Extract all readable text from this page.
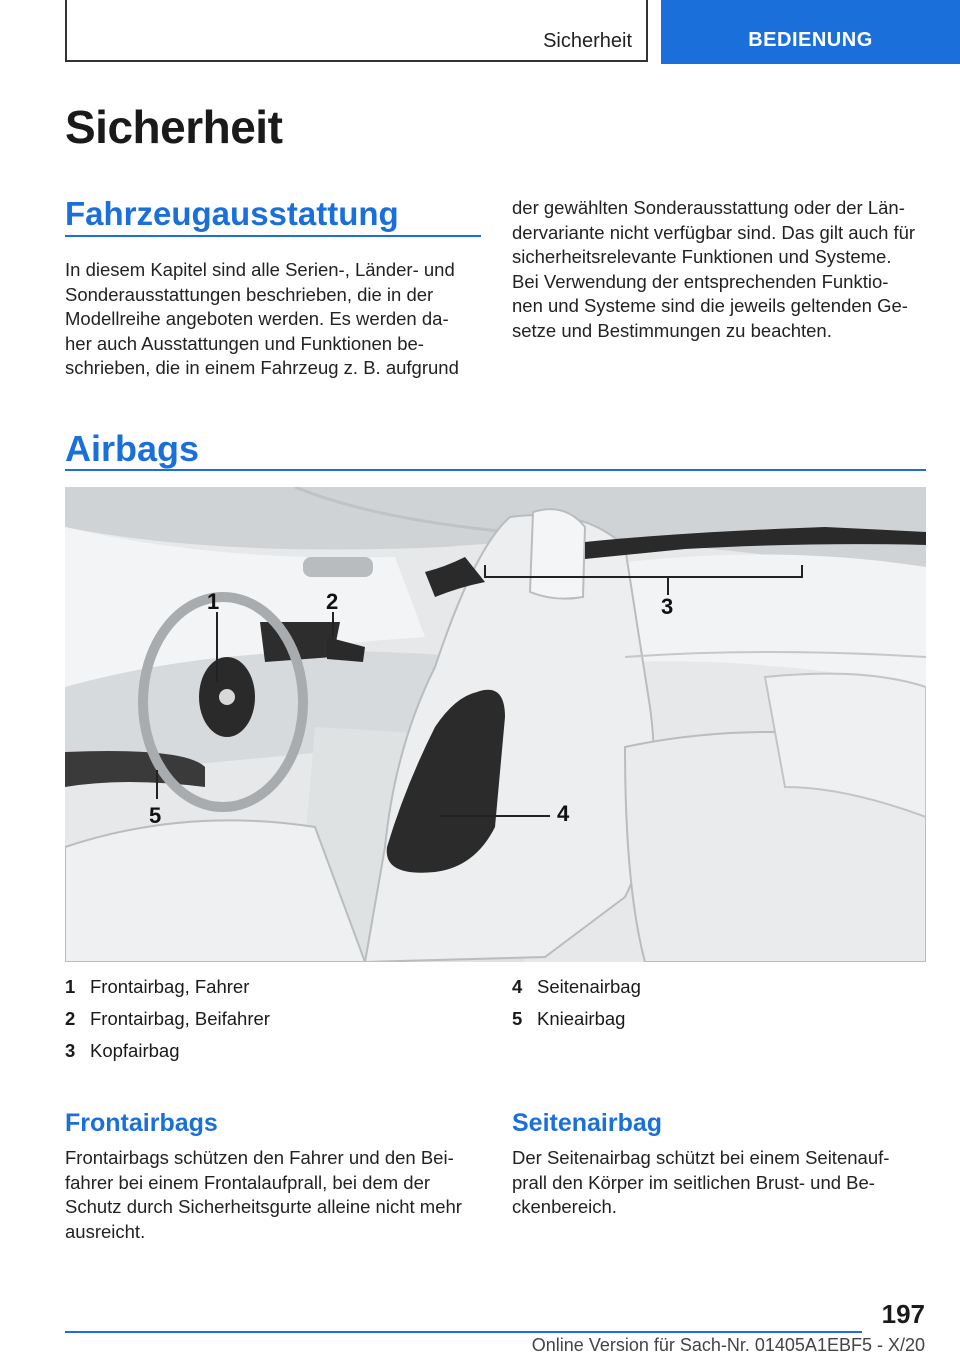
Sicherheit	BEDIENUNG
Sicherheit
Fahrzeugausstattung
In diesem Kapitel sind alle Serien-, Länder- und
Sonderausstattungen beschrieben, die in der
Modellreihe angeboten werden. Es werden da-
her auch Ausstattungen und Funktionen be-
schrieben, die in einem Fahrzeug z. B. aufgrund
der gewählten Sonderausstattung oder der Län-
dervariante nicht verfügbar sind. Das gilt auch für
sicherheitsrelevante Funktionen und Systeme.
Bei Verwendung der entsprechenden Funktio-
nen und Systeme sind die jeweils geltenden Ge-
setze und Bestimmungen zu beachten.
Airbags
1	2	3
4
5
1 Frontairbag, Fahrer
2 Frontairbag, Beifahrer
3 Kopfairbag
4 Seitenairbag
5 Knieairbag
Frontairbags
Frontairbags schützen den Fahrer und den Bei-
fahrer bei einem Frontalaufprall, bei dem der
Schutz durch Sicherheitsgurte alleine nicht mehr
ausreicht.
Seitenairbag
Der Seitenairbag schützt bei einem Seitenauf-
prall den Körper im seitlichen Brust- und Be-
ckenbereich.
197
Online Version für Sach-Nr. 01405A1EBF5 - X/20
